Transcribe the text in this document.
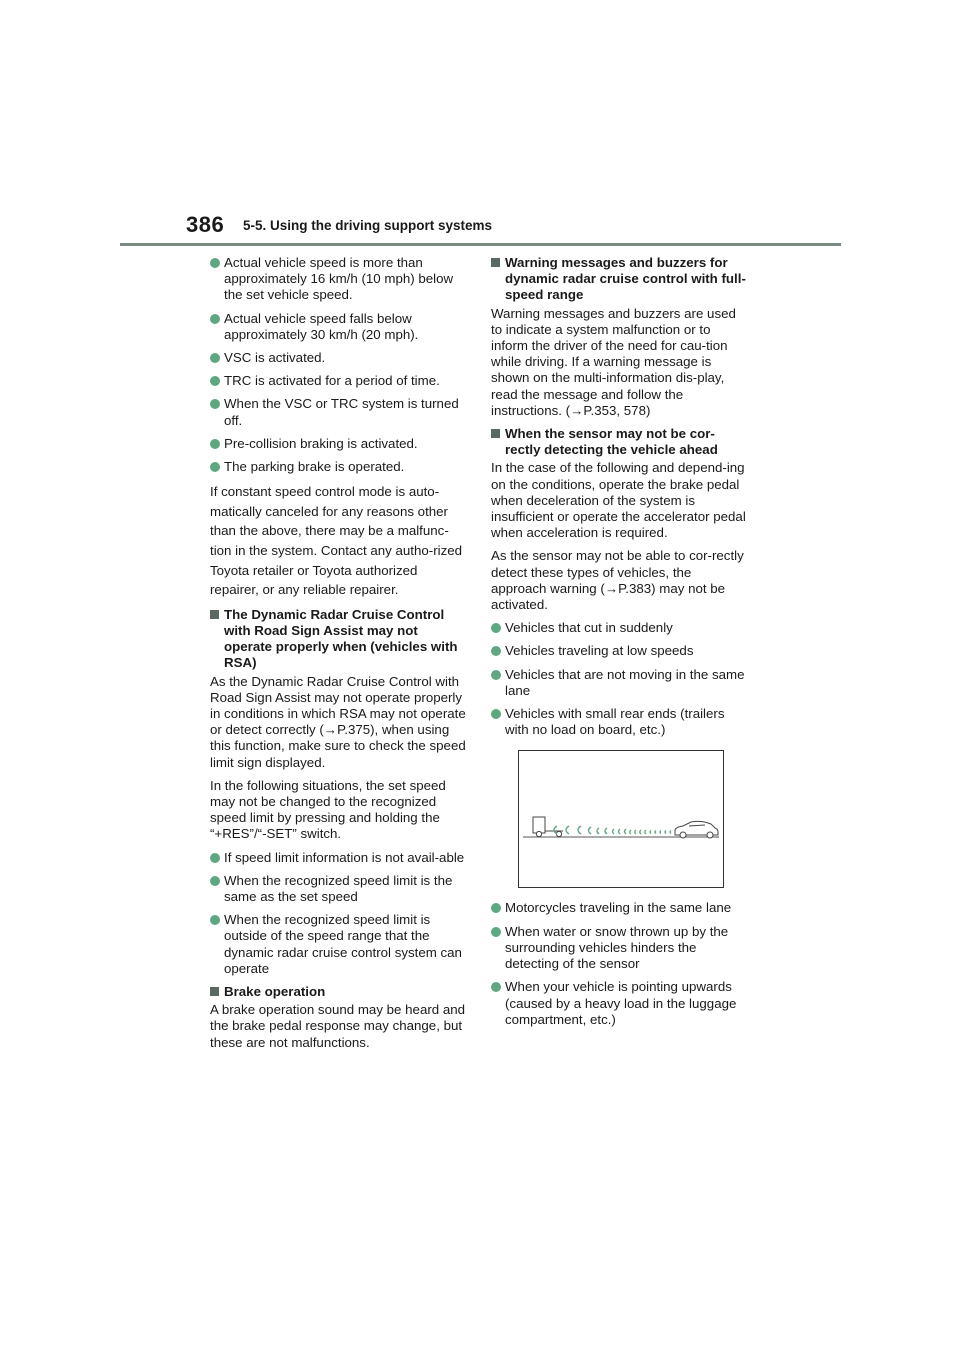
386 5-5. Using the driving support systems
Actual vehicle speed is more than approximately 16 km/h (10 mph) below the set vehicle speed.
Actual vehicle speed falls below approximately 30 km/h (20 mph).
VSC is activated.
TRC is activated for a period of time.
When the VSC or TRC system is turned off.
Pre-collision braking is activated.
The parking brake is operated.

If constant speed control mode is auto-matically canceled for any reasons other than the above, there may be a malfunc-tion in the system. Contact any autho-rized Toyota retailer or Toyota authorized repairer, or any reliable repairer.

The Dynamic Radar Cruise Control with Road Sign Assist may not operate properly when (vehicles with RSA)

As the Dynamic Radar Cruise Control with Road Sign Assist may not operate properly in conditions in which RSA may not operate or detect correctly (→P.375), when using this function, make sure to check the speed limit sign displayed.

In the following situations, the set speed may not be changed to the recognized speed limit by pressing and holding the “+RES”/“-SET” switch.

If speed limit information is not avail-able
When the recognized speed limit is the same as the set speed
When the recognized speed limit is outside of the speed range that the dynamic radar cruise control system can operate
Brake operation

A brake operation sound may be heard and the brake pedal response may change, but these are not malfunctions.

Warning messages and buzzers for dynamic radar cruise control with full-speed range

Warning messages and buzzers are used to indicate a system malfunction or to inform the driver of the need for cau-tion while driving. If a warning message is shown on the multi-information dis-play, read the message and follow the instructions. (→P.353, 578)

When the sensor may not be cor-rectly detecting the vehicle ahead

In the case of the following and depend-ing on the conditions, operate the brake pedal when deceleration of the system is insufficient or operate the accelerator pedal when acceleration is required.

As the sensor may not be able to cor-rectly detect these types of vehicles, the approach warning (→P.383) may not be activated.

Vehicles that cut in suddenly
Vehicles traveling at low speeds
Vehicles that are not moving in the same lane
Vehicles with small rear ends (trailers with no load on board, etc.)
Motorcycles traveling in the same lane
When water or snow thrown up by the surrounding vehicles hinders the detecting of the sensor
When your vehicle is pointing upwards (caused by a heavy load in the luggage compartment, etc.)
